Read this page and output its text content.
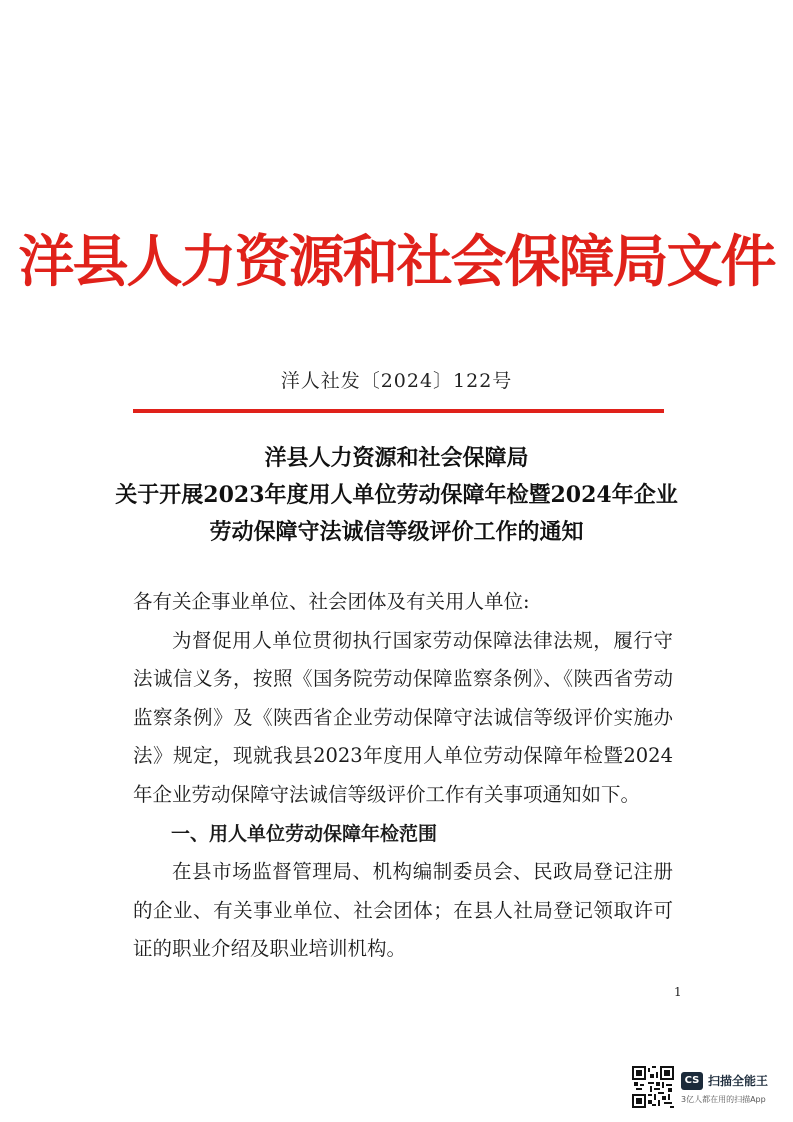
洋县人力资源和社会保障局文件
洋人社发〔2024〕122号
洋县人力资源和社会保障局
关于开展2023年度用人单位劳动保障年检暨2024年企业
劳动保障守法诚信等级评价工作的通知

各有关企事业单位、社会团体及有关用人单位:

为督促用人单位贯彻执行国家劳动保障法律法规，履行守法诚信义务，按照《国务院劳动保障监察条例》、《陕西省劳动监察条例》及《陕西省企业劳动保障守法诚信等级评价实施办法》规定，现就我县2023年度用人单位劳动保障年检暨2024年企业劳动保障守法诚信等级评价工作有关事项通知如下。

一、用人单位劳动保障年检范围

在县市场监督管理局、机构编制委员会、民政局登记注册的企业、有关事业单位、社会团体；在县人社局登记领取许可证的职业介绍及职业培训机构。

1
CS 扫描全能王
3亿人都在用的扫描App
